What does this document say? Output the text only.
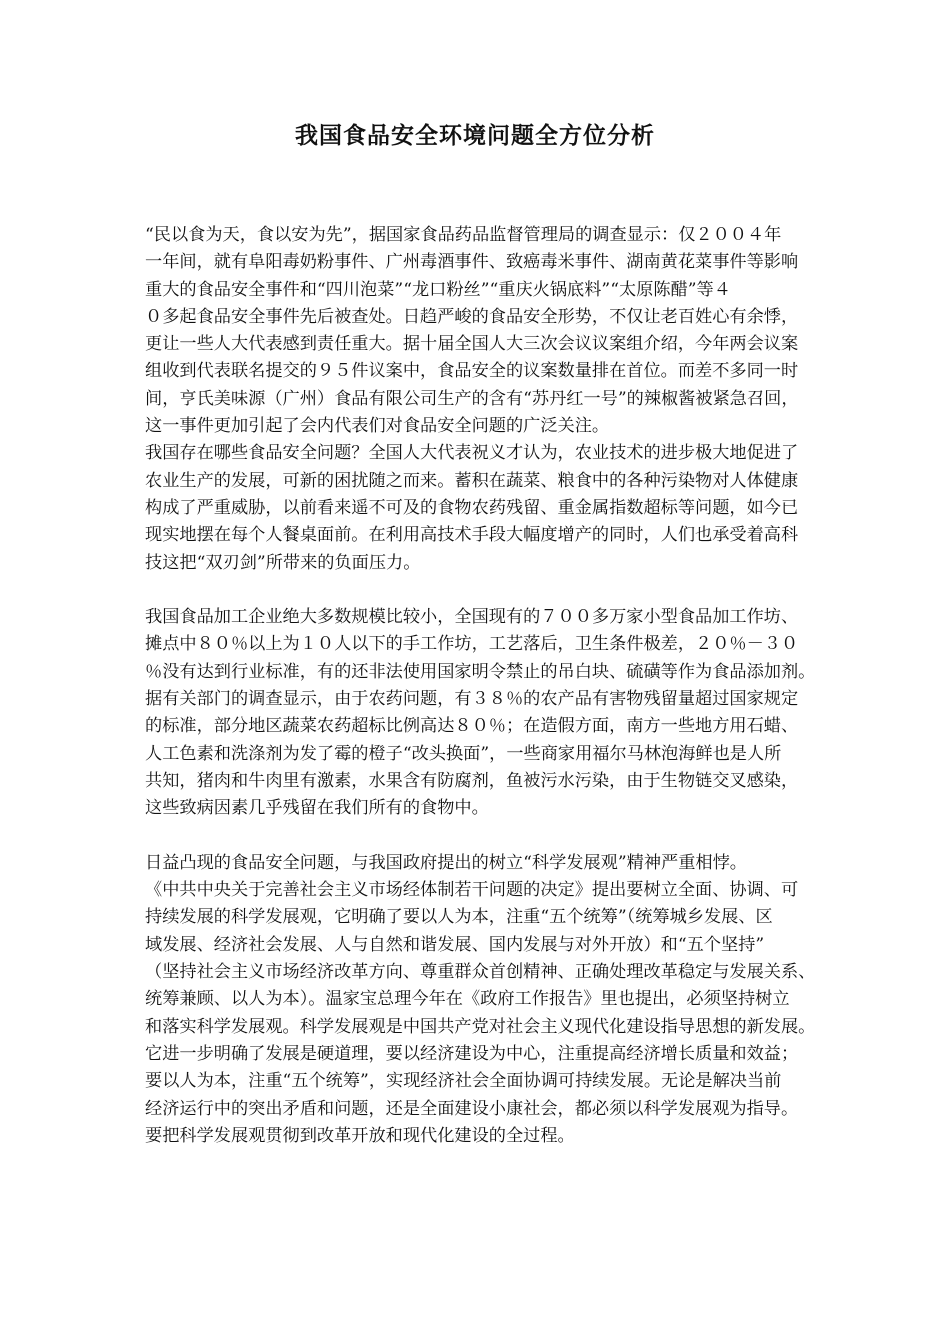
我国食品安全环境问题全方位分析
“民以食为天，食以安为先”，据国家食品药品监督管理局的调查显示：仅２００４年
一年间，就有阜阳毒奶粉事件、广州毒酒事件、致癌毒米事件、湖南黄花菜事件等影响
重大的食品安全事件和“四川泡菜”“龙口粉丝”“重庆火锅底料”“太原陈醋”等４
０多起食品安全事件先后被查处。日趋严峻的食品安全形势，不仅让老百姓心有余悸，
更让一些人大代表感到责任重大。据十届全国人大三次会议议案组介绍，今年两会议案
组收到代表联名提交的９５件议案中，食品安全的议案数量排在首位。而差不多同一时
间，亨氏美味源（广州）食品有限公司生产的含有“苏丹红一号”的辣椒酱被紧急召回，
这一事件更加引起了会内代表们对食品安全问题的广泛关注。
我国存在哪些食品安全问题？全国人大代表祝义才认为，农业技术的进步极大地促进了
农业生产的发展，可新的困扰随之而来。蓄积在蔬菜、粮食中的各种污染物对人体健康
构成了严重威胁，以前看来遥不可及的食物农药残留、重金属指数超标等问题，如今已
现实地摆在每个人餐桌面前。在利用高技术手段大幅度增产的同时，人们也承受着高科
技这把“双刃剑”所带来的负面压力。
我国食品加工企业绝大多数规模比较小，全国现有的７００多万家小型食品加工作坊、
摊点中８０％以上为１０人以下的手工作坊，工艺落后，卫生条件极差，２０％－３０
％没有达到行业标准，有的还非法使用国家明令禁止的吊白块、硫磺等作为食品添加剂。
据有关部门的调查显示，由于农药问题，有３８％的农产品有害物残留量超过国家规定
的标准，部分地区蔬菜农药超标比例高达８０％；在造假方面，南方一些地方用石蜡、
人工色素和洗涤剂为发了霉的橙子“改头换面”，一些商家用福尔马林泡海鲜也是人所
共知，猪肉和牛肉里有激素，水果含有防腐剂，鱼被污水污染，由于生物链交叉感染，
这些致病因素几乎残留在我们所有的食物中。
日益凸现的食品安全问题，与我国政府提出的树立“科学发展观”精神严重相悖。
《中共中央关于完善社会主义市场经体制若干问题的决定》提出要树立全面、协调、可
持续发展的科学发展观，它明确了要以人为本，注重“五个统筹”（统筹城乡发展、区
域发展、经济社会发展、人与自然和谐发展、国内发展与对外开放）和“五个坚持”
（坚持社会主义市场经济改革方向、尊重群众首创精神、正确处理改革稳定与发展关系、
统筹兼顾、以人为本）。温家宝总理今年在《政府工作报告》里也提出，必须坚持树立
和落实科学发展观。科学发展观是中国共产党对社会主义现代化建设指导思想的新发展。
它进一步明确了发展是硬道理，要以经济建设为中心，注重提高经济增长质量和效益；
要以人为本，注重“五个统筹”，实现经济社会全面协调可持续发展。无论是解决当前
经济运行中的突出矛盾和问题，还是全面建设小康社会，都必须以科学发展观为指导。
要把科学发展观贯彻到改革开放和现代化建设的全过程。
